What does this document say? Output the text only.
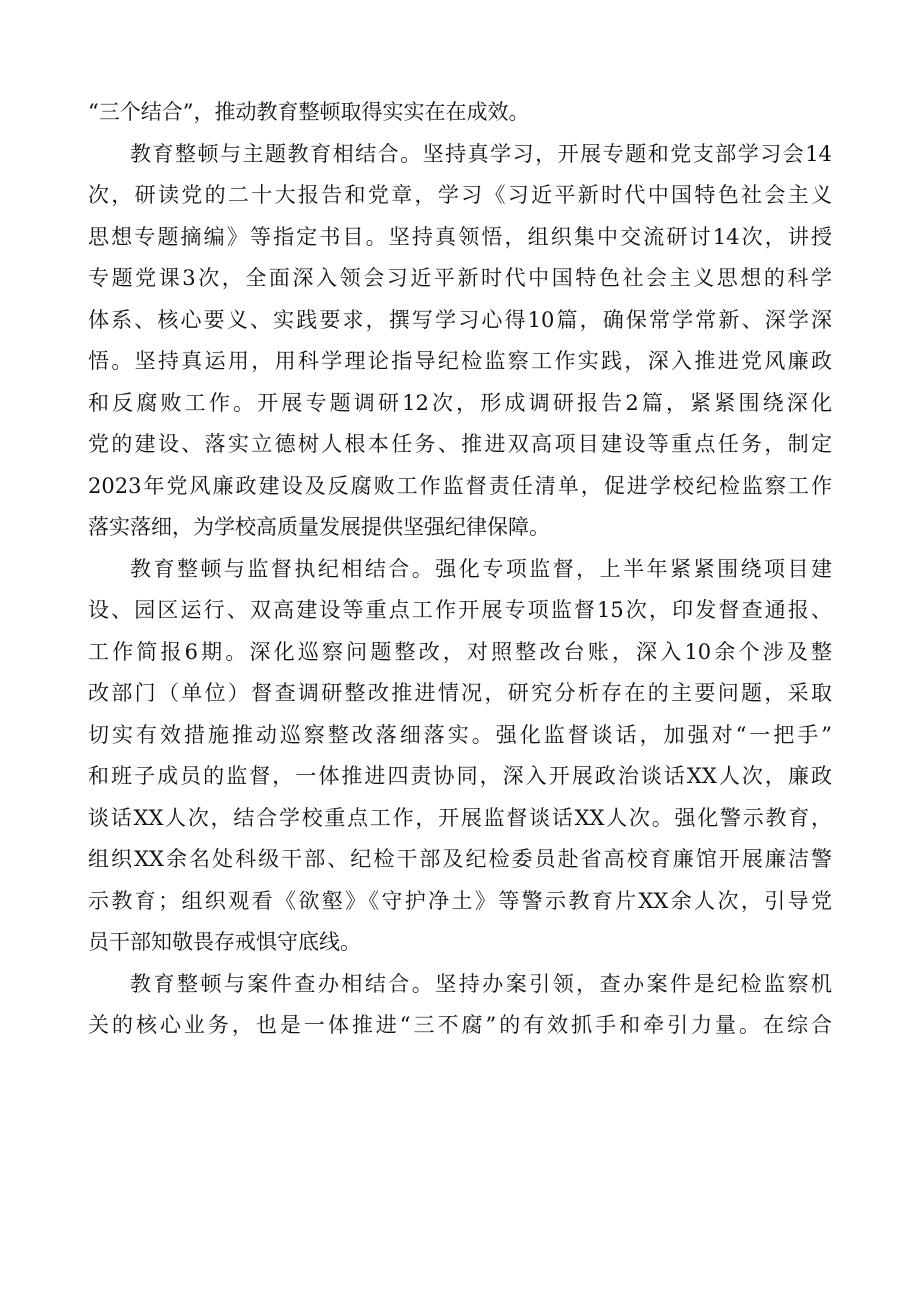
“三个结合”，推动教育整顿取得实实在在成效。
教育整顿与主题教育相结合。坚持真学习，开展专题和党支部学习会14
次，研读党的二十大报告和党章，学习《习近平新时代中国特色社会主义
思想专题摘编》等指定书目。坚持真领悟，组织集中交流研讨14次，讲授
专题党课3次，全面深入领会习近平新时代中国特色社会主义思想的科学
体系、核心要义、实践要求，撰写学习心得10篇，确保常学常新、深学深
悟。坚持真运用，用科学理论指导纪检监察工作实践，深入推进党风廉政
和反腐败工作。开展专题调研12次，形成调研报告2篇，紧紧围绕深化
党的建设、落实立德树人根本任务、推进双高项目建设等重点任务，制定
2023年党风廉政建设及反腐败工作监督责任清单，促进学校纪检监察工作
落实落细，为学校高质量发展提供坚强纪律保障。
教育整顿与监督执纪相结合。强化专项监督，上半年紧紧围绕项目建
设、园区运行、双高建设等重点工作开展专项监督15次，印发督查通报、
工作简报6期。深化巡察问题整改，对照整改台账，深入10余个涉及整
改部门（单位）督查调研整改推进情况，研究分析存在的主要问题，采取
切实有效措施推动巡察整改落细落实。强化监督谈话，加强对“一把手”
和班子成员的监督，一体推进四责协同，深入开展政治谈话XX人次，廉政
谈话XX人次，结合学校重点工作，开展监督谈话XX人次。强化警示教育，
组织XX余名处科级干部、纪检干部及纪检委员赴省高校育廉馆开展廉洁警
示教育；组织观看《欲壑》《守护净土》等警示教育片XX余人次，引导党
员干部知敬畏存戒惧守底线。
教育整顿与案件查办相结合。坚持办案引领，查办案件是纪检监察机
关的核心业务，也是一体推进“三不腐”的有效抓手和牵引力量。在综合
